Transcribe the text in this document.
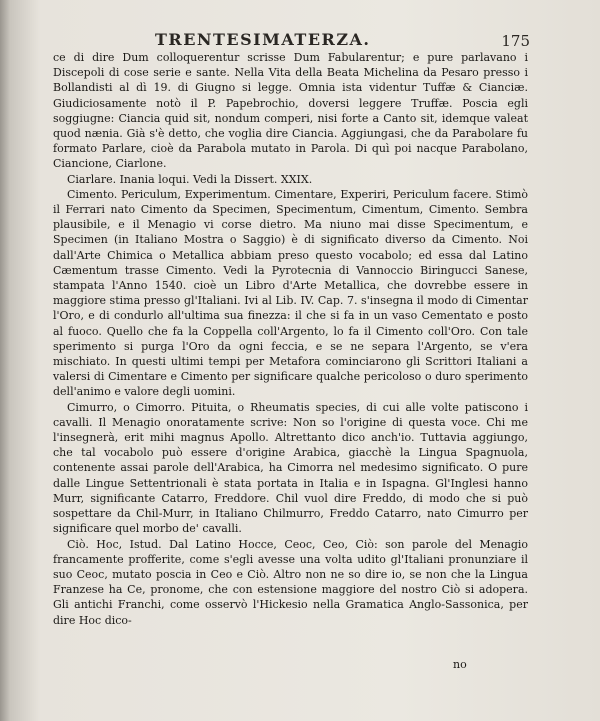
TRENTESIMATERZA.	175

ce di dire Dum colloquerentur scrisse Dum Fabularentur; e pure parlavano i Discepoli di cose serie e sante. Nella Vita della Beata Michelina da Pesaro presso i Bollandisti al dì 19. di Giugno si legge. Omnia ista videntur Tuffæ & Cianciæ. Giudiciosamente notò il P. Papebrochio, doversi leggere Truffæ. Poscia egli soggiugne: Ciancia quid sit, nondum comperi, nisi forte a Canto sit, idemque valeat quod nænia. Già s'è detto, che voglia dire Ciancia. Aggiungasi, che da Parabolare fu formato Parlare, cioè da Parabola mutato in Parola. Di quì poi nacque Parabolano, Ciancione, Ciarlone.

Ciarlare. Inania loqui. Vedi la Dissert. XXIX.

Cimento. Periculum, Experimentum. Cimentare, Experiri, Periculum facere. Stimò il Ferrari nato Cimento da Specimen, Specimentum, Cimentum, Cimento. Sembra plausibile, e il Menagio vi corse dietro. Ma niuno mai disse Specimentum, e Specimen (in Italiano Mostra o Saggio) è di significato diverso da Cimento. Noi dall'Arte Chimica o Metallica abbiam preso questo vocabolo; ed essa dal Latino Cæmentum trasse Cimento. Vedi la Pyrotecnia di Vannoccio Biringucci Sanese, stampata l'Anno 1540. cioè un Libro d'Arte Metallica, che dovrebbe essere in maggiore stima presso gl'Italiani. Ivi al Lib. IV. Cap. 7. s'insegna il modo di Cimentar l'Oro, e di condurlo all'ultima sua finezza: il che si fa in un vaso Cementato e posto al fuoco. Quello che fa la Coppella coll'Argento, lo fa il Cimento coll'Oro. Con tale sperimento si purga l'Oro da ogni feccia, e se ne separa l'Argento, se v'era mischiato. In questi ultimi tempi per Metafora cominciarono gli Scrittori Italiani a valersi di Cimentare e Cimento per significare qualche pericoloso o duro sperimento dell'animo e valore degli uomini.

Cimurro, o Cimorro. Pituita, o Rheumatis species, di cui alle volte patiscono i cavalli. Il Menagio onoratamente scrive: Non so l'origine di questa voce. Chi me l'insegnerà, erit mihi magnus Apollo. Altrettanto dico anch'io. Tuttavia aggiungo, che tal vocabolo può essere d'origine Arabica, giacchè la Lingua Spagnuola, contenente assai parole dell'Arabica, ha Cimorra nel medesimo significato. O pure dalle Lingue Settentrionali è stata portata in Italia e in Ispagna. Gl'Inglesi hanno Murr, significante Catarro, Freddore. Chil vuol dire Freddo, di modo che si può sospettare da Chil-Murr, in Italiano Chilmurro, Freddo Catarro, nato Cimurro per significare quel morbo de' cavalli.

Ciò. Hoc, Istud. Dal Latino Hocce, Ceoc, Ceo, Ciò: son parole del Menagio francamente profferite, come s'egli avesse una volta udito gl'Italiani pronunziare il suo Ceoc, mutato poscia in Ceo e Ciò. Altro non ne so dire io, se non che la Lingua Franzese ha Ce, pronome, che con estensione maggiore del nostro Ciò si adopera. Gli antichi Franchi, come osservò l'Hickesio nella Gramatica Anglo-Sassonica, per dire Hoc dico-

no
